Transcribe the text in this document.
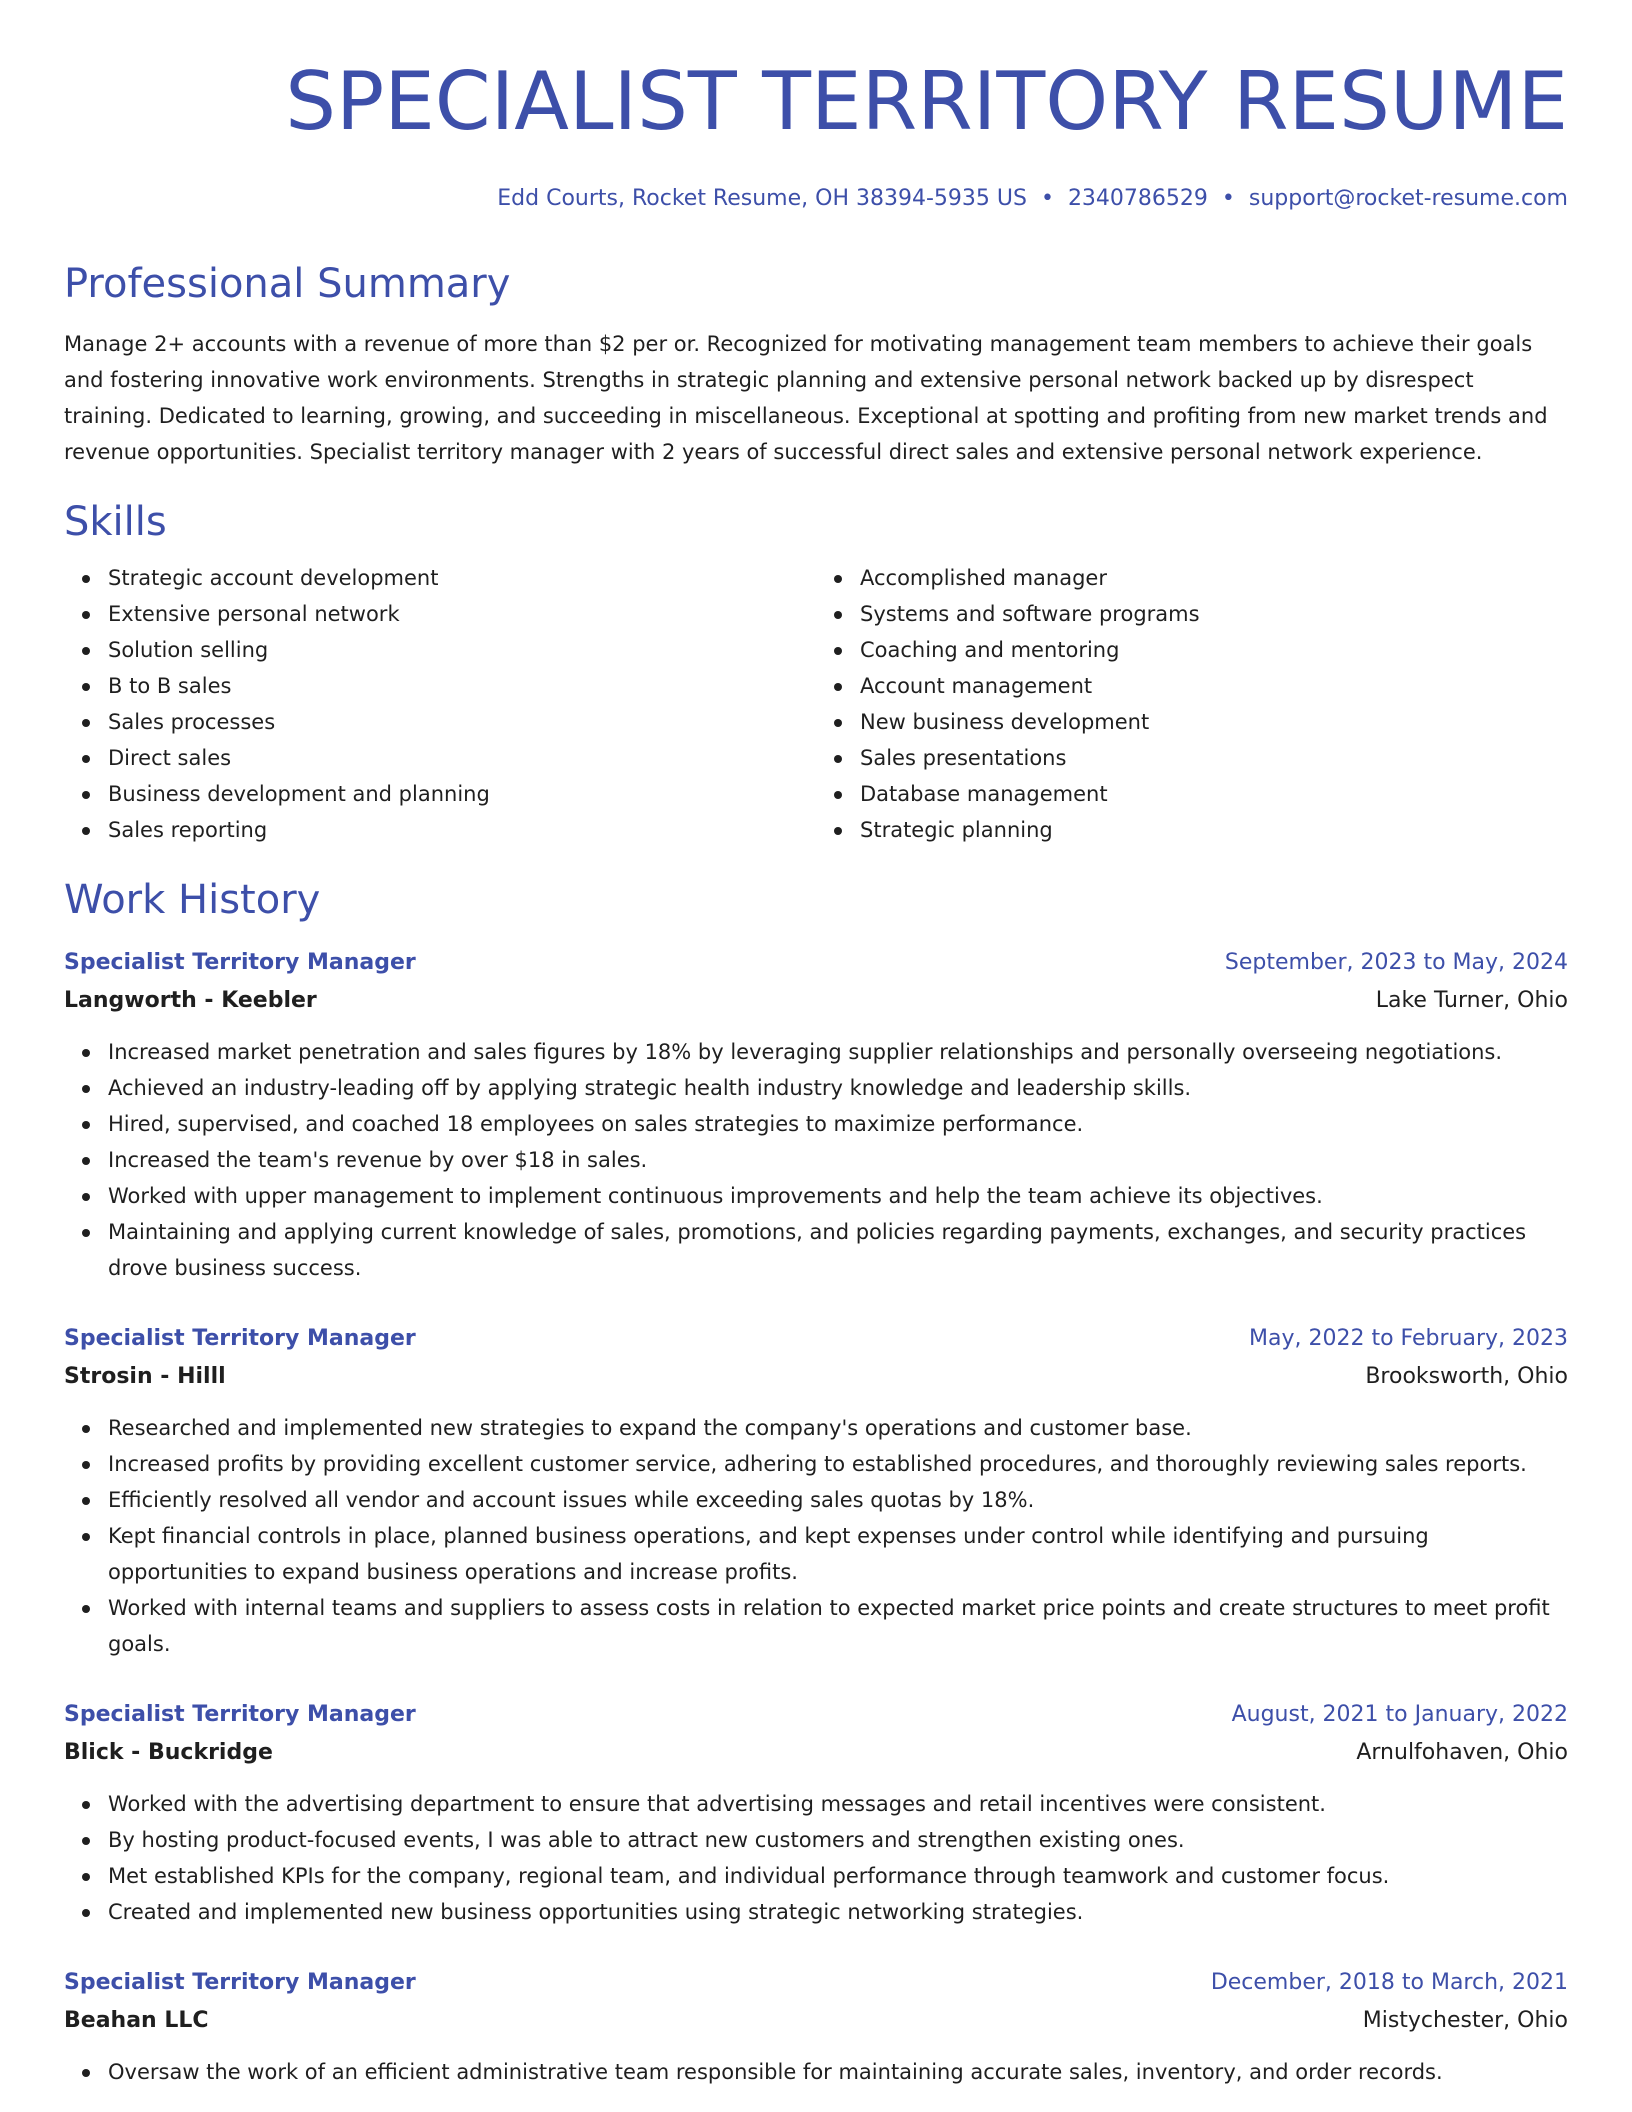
SPECIALIST TERRITORY RESUME
Edd Courts, Rocket Resume, OH 38394-5935 US • 2340786529 • support@rocket-resume.com
Professional Summary

Manage 2+ accounts with a revenue of more than $2 per or. Recognized for motivating management team members to achieve their goals and fostering innovative work environments. Strengths in strategic planning and extensive personal network backed up by disrespect training. Dedicated to learning, growing, and succeeding in miscellaneous. Exceptional at spotting and profiting from new market trends and revenue opportunities. Specialist territory manager with 2 years of successful direct sales and extensive personal network experience.

Skills
Strategic account development
Extensive personal network
Solution selling
B to B sales
Sales processes
Direct sales
Business development and planning
Sales reporting
Accomplished manager
Systems and software programs
Coaching and mentoring
Account management
New business development
Sales presentations
Database management
Strategic planning
Work History
Specialist Territory Manager	September, 2023 to May, 2024
Langworth - Keebler	Lake Turner, Ohio
Increased market penetration and sales figures by 18% by leveraging supplier relationships and personally overseeing negotiations.
Achieved an industry-leading off by applying strategic health industry knowledge and leadership skills.
Hired, supervised, and coached 18 employees on sales strategies to maximize performance.
Increased the team's revenue by over $18 in sales.
Worked with upper management to implement continuous improvements and help the team achieve its objectives.
Maintaining and applying current knowledge of sales, promotions, and policies regarding payments, exchanges, and security practices drove business success.
Specialist Territory Manager	May, 2022 to February, 2023
Strosin - Hilll	Brooksworth, Ohio
Researched and implemented new strategies to expand the company's operations and customer base.
Increased profits by providing excellent customer service, adhering to established procedures, and thoroughly reviewing sales reports.
Efficiently resolved all vendor and account issues while exceeding sales quotas by 18%.
Kept financial controls in place, planned business operations, and kept expenses under control while identifying and pursuing opportunities to expand business operations and increase profits.
Worked with internal teams and suppliers to assess costs in relation to expected market price points and create structures to meet profit goals.
Specialist Territory Manager	August, 2021 to January, 2022
Blick - Buckridge	Arnulfohaven, Ohio
Worked with the advertising department to ensure that advertising messages and retail incentives were consistent.
By hosting product-focused events, I was able to attract new customers and strengthen existing ones.
Met established KPIs for the company, regional team, and individual performance through teamwork and customer focus.
Created and implemented new business opportunities using strategic networking strategies.
Specialist Territory Manager	December, 2018 to March, 2021
Beahan LLC	Mistychester, Ohio
Oversaw the work of an efficient administrative team responsible for maintaining accurate sales, inventory, and order records.
